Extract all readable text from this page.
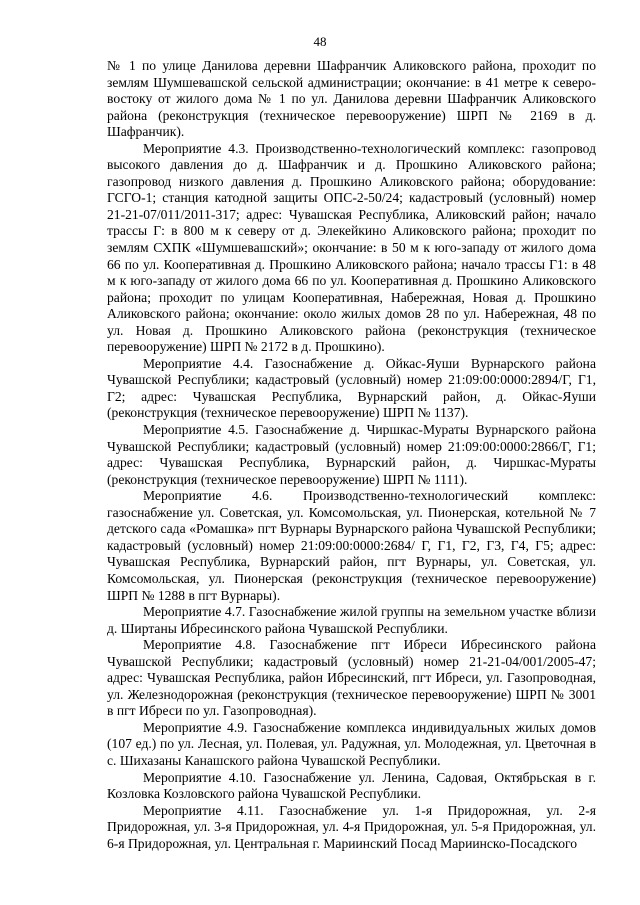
48

№ 1 по улице Данилова деревни Шафранчик Аликовского района, проходит по землям Шумшевашской сельской администрации; окончание: в 41 метре к северо-востоку от жилого дома № 1 по ул. Данилова деревни Шафранчик Аликовского района (реконструкция (техническое перевооружение) ШРП № 2169 в д. Шафранчик).

Мероприятие 4.3. Производственно-технологический комплекс: газопровод высокого давления до д. Шафранчик и д. Прошкино Аликовского района; газопровод низкого давления д. Прошкино Аликовского района; оборудование: ГСГО-1; станция катодной защиты ОПС-2-50/24; кадастровый (условный) номер 21-21-07/011/2011-317; адрес: Чувашская Республика, Аликовский район; начало трассы Г: в 800 м к северу от д. Элекейкино Аликовского района; проходит по землям СХПК «Шумшевашский»; окончание: в 50 м к юго-западу от жилого дома 66 по ул. Кооперативная д. Прошкино Аликовского района; начало трассы Г1: в 48 м к юго-западу от жилого дома 66 по ул. Кооперативная д. Прошкино Аликовского района; проходит по улицам Кооперативная, Набережная, Новая д. Прошкино Аликовского района; окончание: около жилых домов 28 по ул. Набережная, 48 по ул. Новая д. Прошкино Аликовского района (реконструкция (техническое перевооружение) ШРП № 2172 в д. Прошкино).

Мероприятие 4.4. Газоснабжение д. Ойкас-Яуши Вурнарского района Чувашской Республики; кадастровый (условный) номер 21:09:00:0000:2894/Г, Г1, Г2; адрес: Чувашская Республика, Вурнарский район, д. Ойкас-Яуши (реконструкция (техническое перевооружение) ШРП № 1137).

Мероприятие 4.5. Газоснабжение д. Чиршкас-Мураты Вурнарского района Чувашской Республики; кадастровый (условный) номер 21:09:00:0000:2866/Г, Г1; адрес: Чувашская Республика, Вурнарский район, д. Чиршкас-Мураты (реконструкция (техническое перевооружение) ШРП № 1111).

Мероприятие 4.6. Производственно-технологический комплекс: газоснабжение ул. Советская, ул. Комсомольская, ул. Пионерская, котельной № 7 детского сада «Ромашка» пгт Вурнары Вурнарского района Чувашской Республики; кадастровый (условный) номер 21:09:00:0000:2684/ Г, Г1, Г2, Г3, Г4, Г5; адрес: Чувашская Республика, Вурнарский район, пгт Вурнары, ул. Советская, ул. Комсомольская, ул. Пионерская (реконструкция (техническое перевооружение) ШРП № 1288 в пгт Вурнары).

Мероприятие 4.7. Газоснабжение жилой группы на земельном участке вблизи д. Ширтаны Ибресинского района Чувашской Республики.

Мероприятие 4.8. Газоснабжение пгт Ибреси Ибресинского района Чувашской Республики; кадастровый (условный) номер 21-21-04/001/2005-47; адрес: Чувашская Республика, район Ибресинский, пгт Ибреси, ул. Газопроводная, ул. Железнодорожная (реконструкция (техническое перевооружение) ШРП № 3001 в пгт Ибреси по ул. Газопроводная).

Мероприятие 4.9. Газоснабжение комплекса индивидуальных жилых домов (107 ед.) по ул. Лесная, ул. Полевая, ул. Радужная, ул. Молодежная, ул. Цветочная в с. Шихазаны Канашского района Чувашской Республики.

Мероприятие 4.10. Газоснабжение ул. Ленина, Садовая, Октябрьская в г. Козловка Козловского района Чувашской Республики.

Мероприятие 4.11. Газоснабжение ул. 1-я Придорожная, ул. 2-я Придорожная, ул. 3-я Придорожная, ул. 4-я Придорожная, ул. 5-я Придорожная, ул. 6-я Придорожная, ул. Центральная г. Мариинский Посад Мариинско-Посадского
